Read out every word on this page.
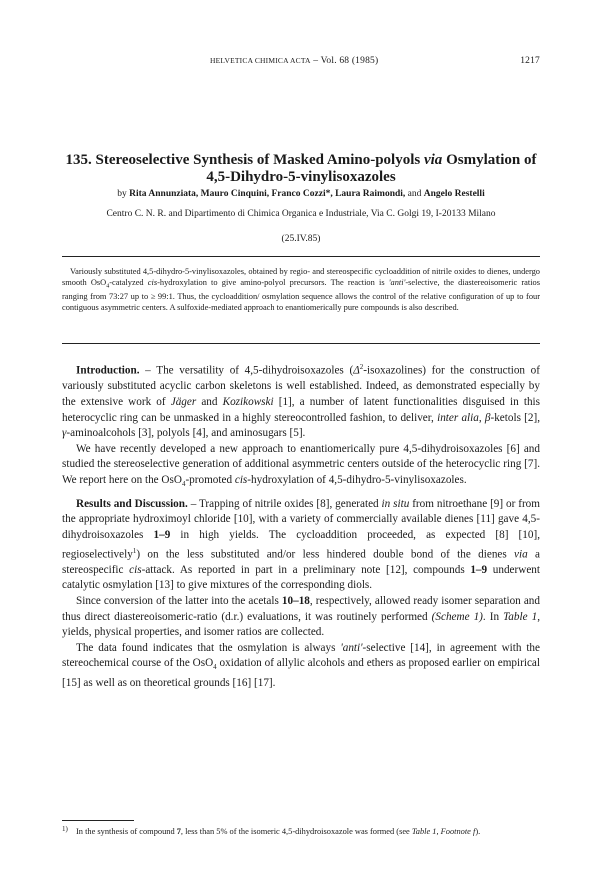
HELVETICA CHIMICA ACTA – Vol. 68 (1985)	1217
135. Stereoselective Synthesis of Masked Amino-polyols via Osmylation of
4,5-Dihydro-5-vinylisoxazoles
by Rita Annunziata, Mauro Cinquini, Franco Cozzi*, Laura Raimondi, and Angelo Restelli
Centro C. N. R. and Dipartimento di Chimica Organica e Industriale, Via C. Golgi 19, I-20133 Milano
(25.IV.85)
Variously substituted 4,5-dihydro-5-vinylisoxazoles, obtained by regio- and stereospecific cycloaddition of nitrile oxides to dienes, undergo smooth OsO$_4$-catalyzed cis-hydroxylation to give amino-polyol precursors. The reaction is 'anti'-selective, the diastereoisomeric ratios ranging from 73:27 up to ≥ 99:1. Thus, the cycloaddition/ osmylation sequence allows the control of the relative configuration of up to four contiguous asymmetric centers. A sulfoxide-mediated approach to enantiomerically pure compounds is also described.

Introduction. – The versatility of 4,5-dihydroisoxazoles $(\Delta^2-isoxazolines)$ for the construction of variously substituted acyclic carbon skeletons is well established. Indeed, as demonstrated especially by the extensive work of Jäger and Kozikowski [1], a number of latent functionalities disguised in this heterocyclic ring can be unmasked in a highly stereocontrolled fashion, to deliver, inter alia, β-ketols [2], γ-aminoalcohols [3], polyols [4], and aminosugars [5].

We have recently developed a new approach to enantiomerically pure 4,5-dihydroisoxazoles [6] and studied the stereoselective generation of additional asymmetric centers outside of the heterocyclic ring [7]. We report here on the OsO$_4$-promoted cis-hydroxylation of 4,5-dihydro-5-vinylisoxazoles.

Results and Discussion. – Trapping of nitrile oxides [8], generated in situ from nitroethane [9] or from the appropriate hydroximoyl chloride [10], with a variety of commercially available dienes [11] gave 4,5-dihydroisoxazoles 1–9 in high yields. The cycloaddition proceeded, as expected [8] [10], regioselectively$^1$) on the less substituted and/or less hindered double bond of the dienes via a stereospecific cis-attack. As reported in part in a preliminary note [12], compounds 1–9 underwent catalytic osmylation [13] to give mixtures of the corresponding diols.

Since conversion of the latter into the acetals 10–18, respectively, allowed ready isomer separation and thus direct diastereoisomeric-ratio (d.r.) evaluations, it was routinely performed (Scheme 1). In Table 1, yields, physical properties, and isomer ratios are collected.

The data found indicates that the osmylation is always 'anti'-selective [14], in agreement with the stereochemical course of the OsO$_4$ oxidation of allylic alcohols and ethers as proposed earlier on empirical [15] as well as on theoretical grounds [16] [17].

1) In the synthesis of compound 7, less than 5% of the isomeric 4,5-dihydroisoxazole was formed (see Table 1, Footnote f).
